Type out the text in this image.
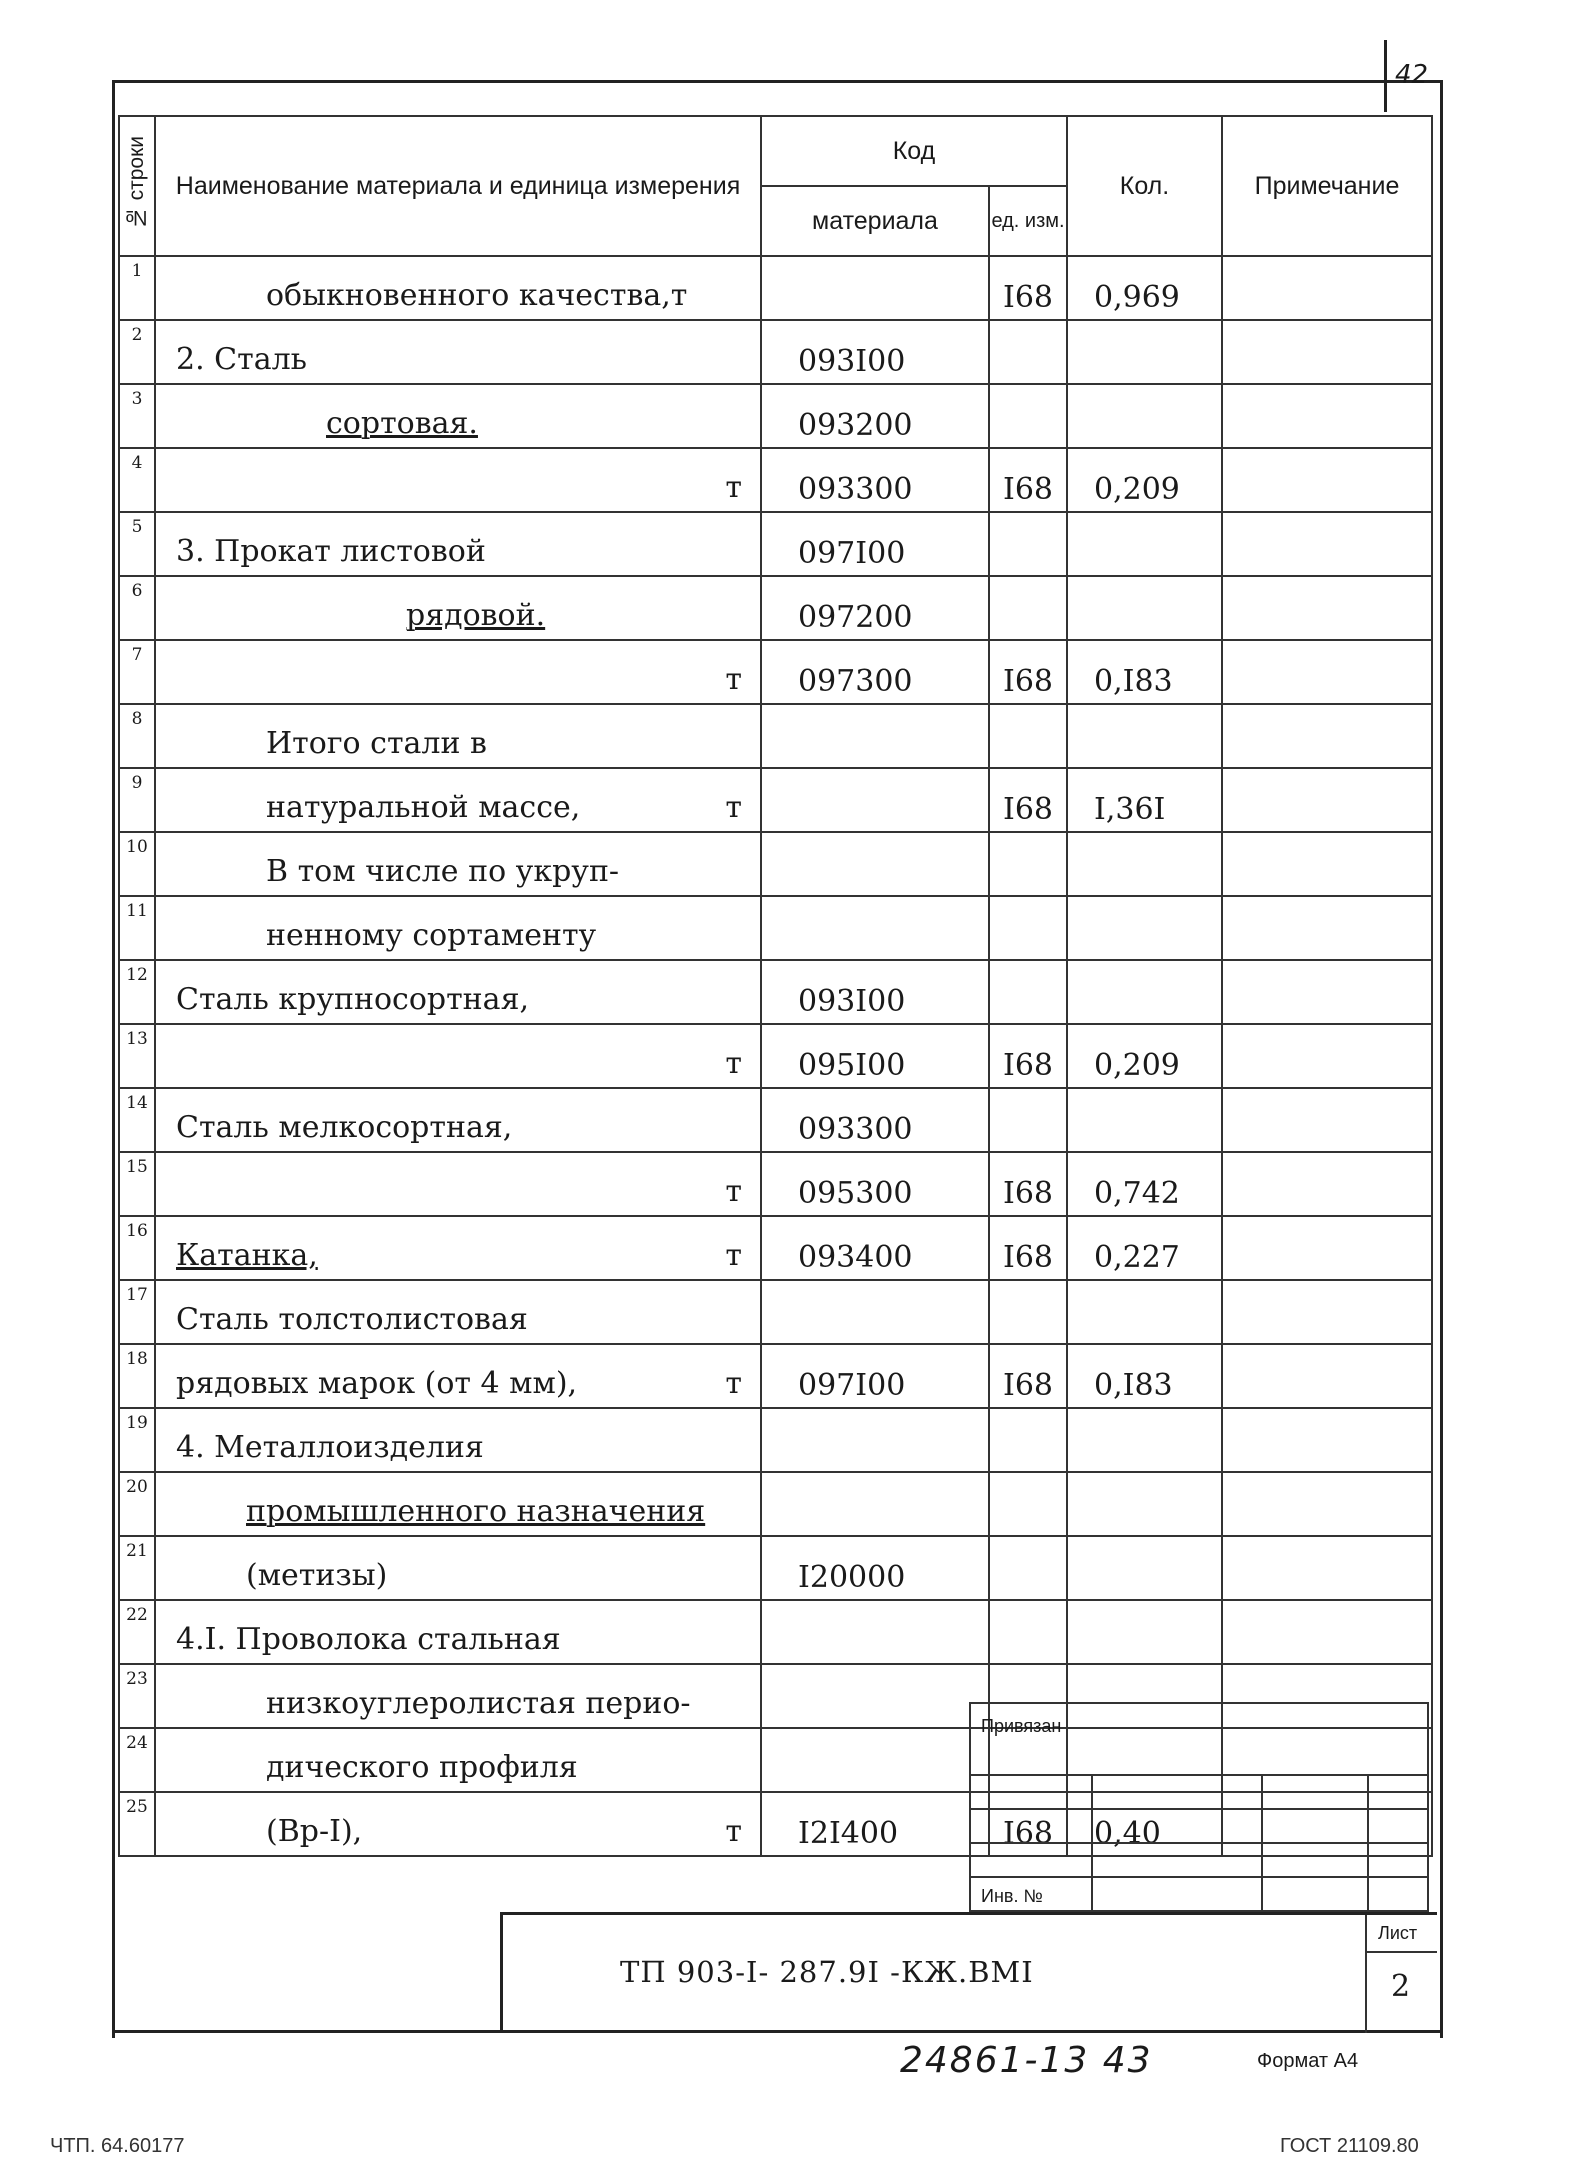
42
№ строки	Наименование материала и единица измерения	Код		Кол.	Примечание
		материала	ед. изм.		
1	обыкновенного качества,т		I68	0,969	
2	2. Сталь	093I00			
3	сортовая.	093200			
4	т	093300	I68	0,209	
5	3. Прокат листовой	097I00			
6	рядовой.	097200			
7	т	097300	I68	0,I83	
8	Итого стали в				

9	натуральной массе, т		I68	I,36I	
10	В том числе по укруп-				

11	ненному сортаменту				

12	Сталь крупносортная,	093I00			
13	т	095I00	I68	0,209	
14	Сталь мелкосортная,	093300			
15	т	095300	I68	0,742	
16	Катанка, т	093400	I68	0,227	
17	Сталь толстолистовая				

18	рядовых марок (от 4 мм), т	097I00	I68	0,I83	
19	4. Металлоизделия				

20	промышленного назначения				

21	(метизы)	I20000			
22	4.I. Проволока стальная				

23	низкоуглеролистая перио-				

24	дического профиля				

25	(Вр-I), т	I2I400	I68	0,40	
Привязан
Инв. №
Лист
2
ТП 903-I- 287.9I -КЖ.ВМI
24861-13 43	Формат А4
ЧТП. 64.60177	ГОСТ 21109.80
